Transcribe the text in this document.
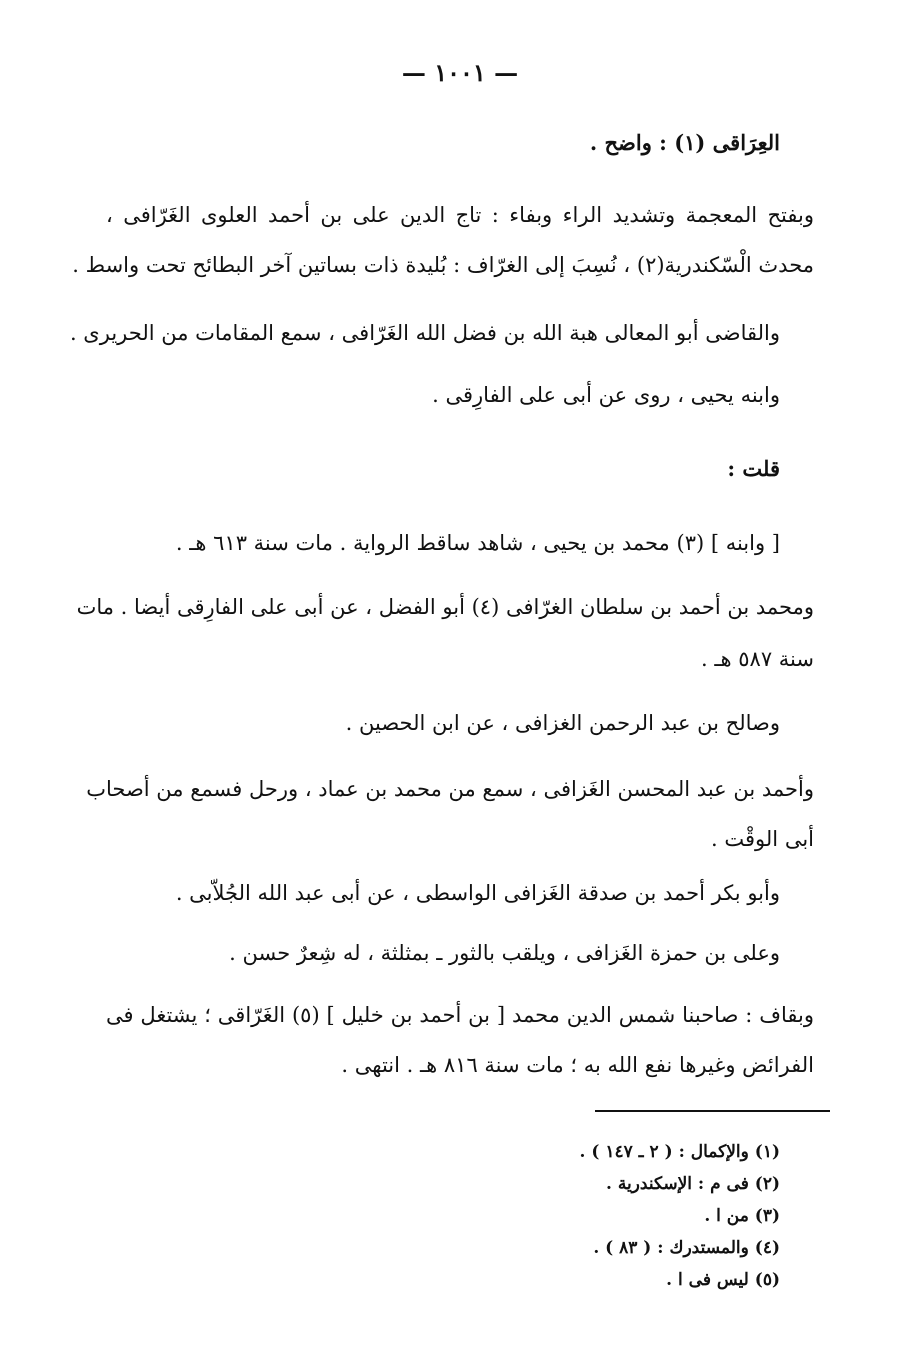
— ١٠٠١ —
العِرَاقى (١) : واضح .
وبفتح المعجمة وتشديد الراء وبفاء : تاج الدين على بن أحمد العلوى الغَرّافى ،
محدث الْسّكندرية(٢) ، نُسِبَ إلى الغرّاف : بُليدة ذات بساتين آخر البطائح تحت واسط .
والقاضى أبو المعالى هبة الله بن فضل الله الغَرّافى ، سمع المقامات من الحريرى .
وابنه يحيى ، روى عن أبى على الفارِقى .
قلت :
[ وابنه ] (٣) محمد بن يحيى ، شاهد ساقط الرواية . مات سنة ٦١٣ هـ .
ومحمد بن أحمد بن سلطان الغرّافى (٤) أبو الفضل ، عن أبى على الفارِقى أيضا . مات
سنة ٥٨٧ هـ .
وصالح بن عبد الرحمن الغزافى ، عن ابن الحصين .
وأحمد بن عبد المحسن الغَزافى ، سمع من محمد بن عماد ، ورحل فسمع من أصحاب
أبى الوقْت .
وأبو بكر أحمد بن صدقة الغَزافى الواسطى ، عن أبى عبد الله الجُلاّبى .
وعلى بن حمزة الغَزافى ، ويلقب بالثور ـ بمثلثة ، له شِعرٌ حسن .
وبقاف : صاحبنا شمس الدين محمد [ بن أحمد بن خليل ] (٥) الغَرّاقى ؛ يشتغل فى
الفرائض وغيرها نفع الله به ؛ مات سنة ٨١٦ هـ . انتهى .
(١) والإكمال : ( ٢ ـ ١٤٧ ) .
(٢) فى م : الإسكندرية .
(٣) من ا .
(٤) والمستدرك : ( ٨٣ ) .
(٥) ليس فى ا .
